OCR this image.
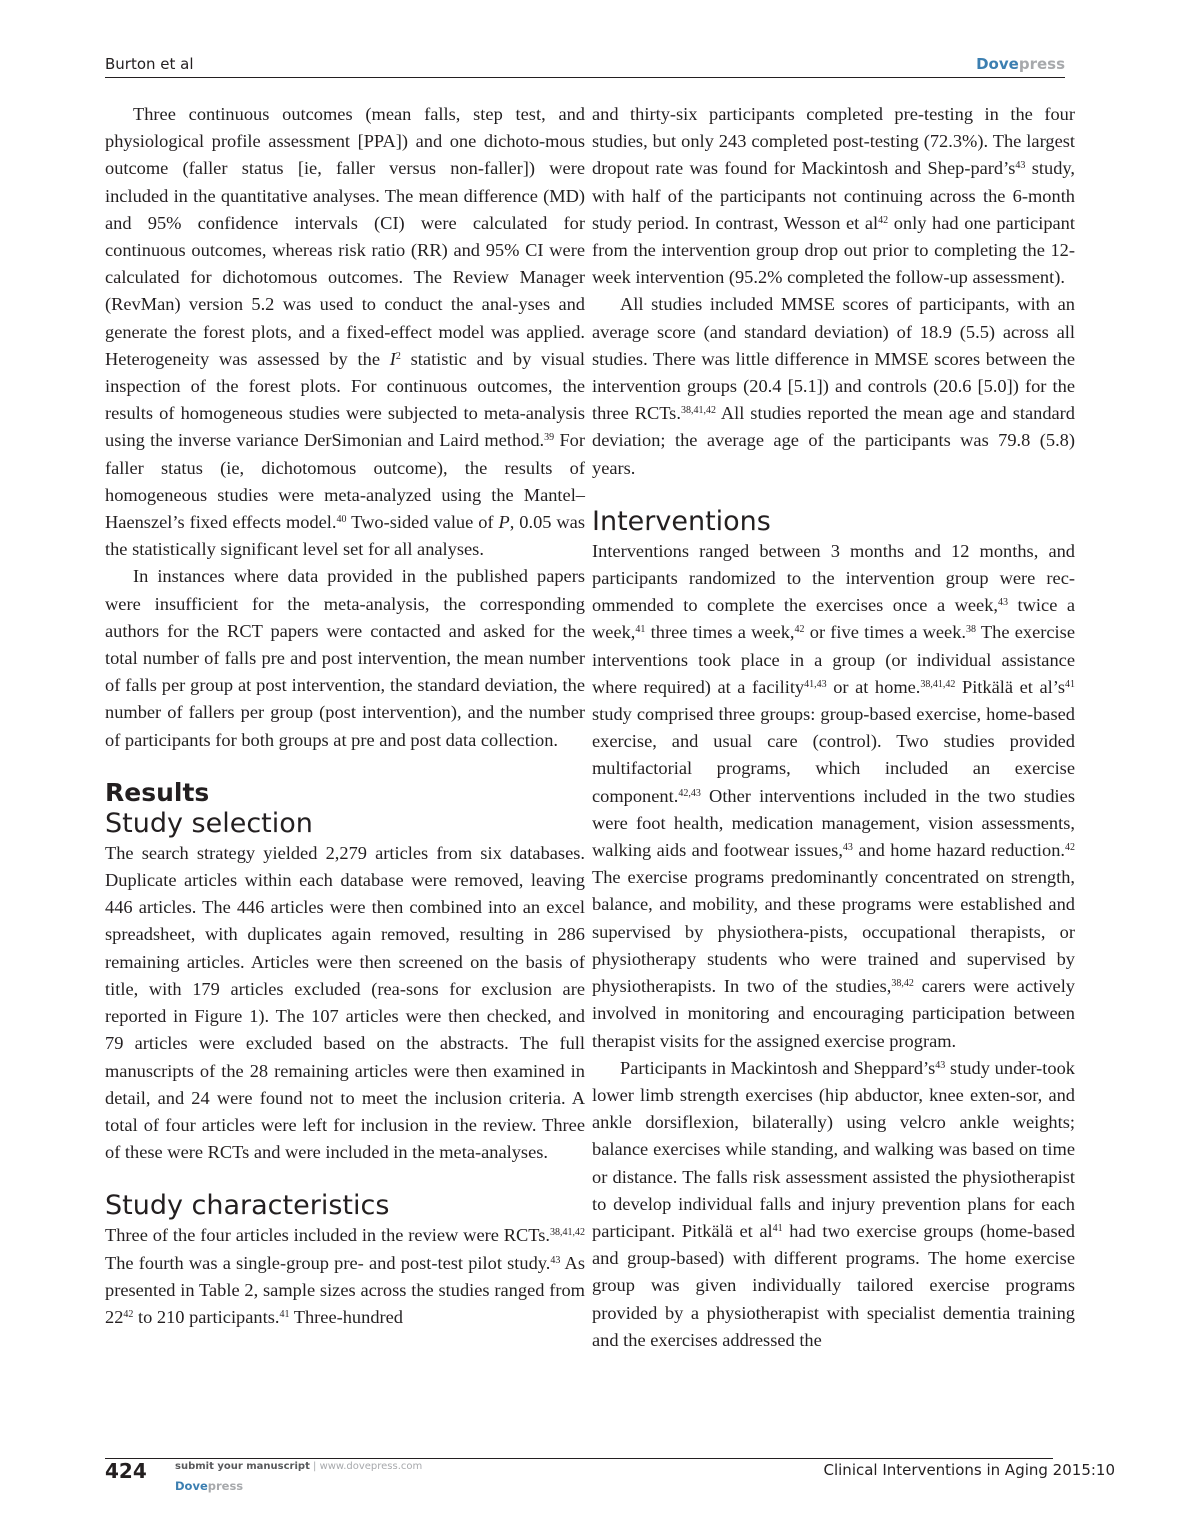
Burton et al	Dovepress

Three continuous outcomes (mean falls, step test, and physiological profile assessment [PPA]) and one dichoto-mous outcome (faller status [ie, faller versus non-faller]) were included in the quantitative analyses. The mean difference (MD) and 95% confidence intervals (CI) were calculated for continuous outcomes, whereas risk ratio (RR) and 95% CI were calculated for dichotomous outcomes. The Review Manager (RevMan) version 5.2 was used to conduct the anal-yses and generate the forest plots, and a fixed-effect model was applied. Heterogeneity was assessed by the $I^2$ statistic and by visual inspection of the forest plots. For continuous outcomes, the results of homogeneous studies were subjected to meta-analysis using the inverse variance DerSimonian and Laird method.$^{39}$ For faller status (ie, dichotomous outcome), the results of homogeneous studies were meta-analyzed using the Mantel–Haenszel’s fixed effects model.$^{40}$ Two-sided value of P, 0.05 was the statistically significant level set for all analyses.

In instances where data provided in the published papers were insufficient for the meta-analysis, the corresponding authors for the RCT papers were contacted and asked for the total number of falls pre and post intervention, the mean number of falls per group at post intervention, the standard deviation, the number of fallers per group (post intervention), and the number of participants for both groups at pre and post data collection.

Results
Study selection

The search strategy yielded 2,279 articles from six databases. Duplicate articles within each database were removed, leaving 446 articles. The 446 articles were then combined into an excel spreadsheet, with duplicates again removed, resulting in 286 remaining articles. Articles were then screened on the basis of title, with 179 articles excluded (rea-sons for exclusion are reported in Figure 1). The 107 articles were then checked, and 79 articles were excluded based on the abstracts. The full manuscripts of the 28 remaining articles were then examined in detail, and 24 were found not to meet the inclusion criteria. A total of four articles were left for inclusion in the review. Three of these were RCTs and were included in the meta-analyses.

Study characteristics

Three of the four articles included in the review were RCTs.$^{38,41,42}$ The fourth was a single-group pre- and post-test pilot study.$^{43}$ As presented in Table 2, sample sizes across the studies ranged from $22^{42}$ to 210 participants.$^{41}$ Three-hundred

and thirty-six participants completed pre-testing in the four studies, but only 243 completed post-testing (72.3%). The largest dropout rate was found for Mackintosh and Shep-$pard’s^{43}$ study, with half of the participants not continuing across the 6-month study period. In contrast, Wesson et $al^{42}$ only had one participant from the intervention group drop out prior to completing the 12-week intervention (95.2% completed the follow-up assessment).

All studies included MMSE scores of participants, with an average score (and standard deviation) of 18.9 (5.5) across all studies. There was little difference in MMSE scores between the intervention groups (20.4 [5.1]) and controls (20.6 [5.0]) for the three RCTs.$^{38,41,42}$ All studies reported the mean age and standard deviation; the average age of the participants was 79.8 (5.8) years.

Interventions

Interventions ranged between 3 months and 12 months, and participants randomized to the intervention group were rec-ommended to complete the exercises once a week,$^{43}$ twice a week,$^{41}$ three times a week,$^{42}$ or five times a week.$^{38}$ The exercise interventions took place in a group (or individual assistance where required) at a facility$^{41,43}$ or at home.$^{38,41,42}$ Pitkälä et $al’s^{41}$ study comprised three groups: group-based exercise, home-based exercise, and usual care (control). Two studies provided multifactorial programs, which included an exercise component.$^{42,43}$ Other interventions included in the two studies were foot health, medication management, vision assessments, walking aids and footwear issues,$^{43}$ and home hazard reduction.$^{42}$ The exercise programs predominantly concentrated on strength, balance, and mobility, and these programs were established and supervised by physiothera-pists, occupational therapists, or physiotherapy students who were trained and supervised by physiotherapists. In two of the studies,$^{38,42}$ carers were actively involved in monitoring and encouraging participation between therapist visits for the assigned exercise program.

Participants in Mackintosh and $Sheppard’s^{43}$ study under-took lower limb strength exercises (hip abductor, knee exten-sor, and ankle dorsiflexion, bilaterally) using velcro ankle weights; balance exercises while standing, and walking was based on time or distance. The falls risk assessment assisted the physiotherapist to develop individual falls and injury prevention plans for each participant. Pitkälä et $al^{41}$ had two exercise groups (home-based and group-based) with different programs. The home exercise group was given individually tailored exercise programs provided by a physiotherapist with specialist dementia training and the exercises addressed the

424	submit your manuscript | www.dovepress.com
Dovepress
Clinical Interventions in Aging 2015:10
